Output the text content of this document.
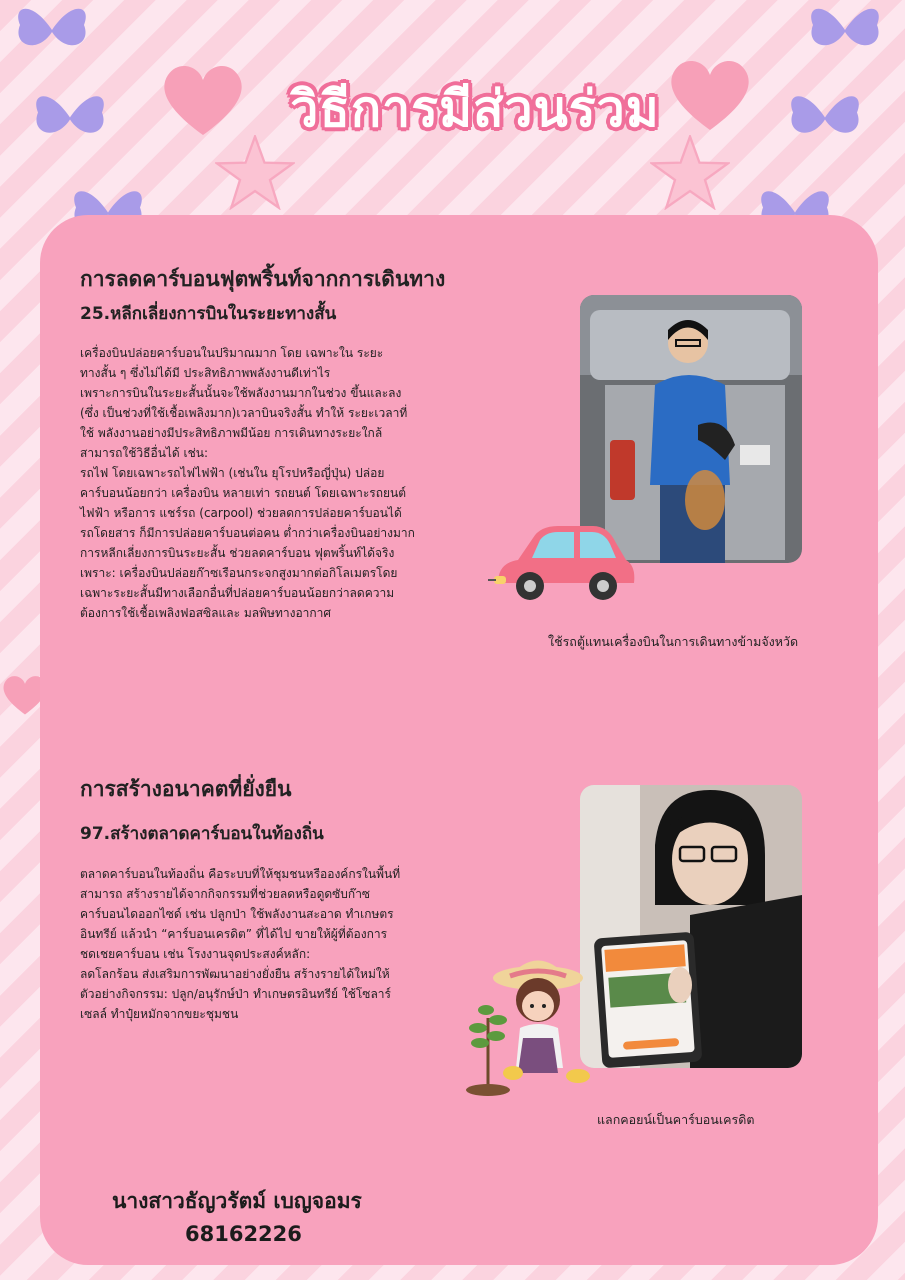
วิธีการมีส่วนร่วม
การลดคาร์บอนฟุตพริ้นท์จากการเดินทาง
25.หลีกเลี่ยงการบินในระยะทางสั้น

เครื่องบินปล่อยคาร์บอนในปริมาณมาก โดย เฉพาะใน ระยะ

ทางสั้น ๆ ซึ่งไม่ได้มี ประสิทธิภาพพลังงานดีเท่าไร

เพราะการบินในระยะสั้นนั้นจะใช้พลังงานมากในช่วง ขึ้นและลง

(ซึ่ง เป็นช่วงที่ใช้เชื้อเพลิงมาก)เวลาบินจริงสั้น ทำให้ ระยะเวลาที่

ใช้ พลังงานอย่างมีประสิทธิภาพมีน้อย การเดินทางระยะใกล้

สามารถใช้วิธีอื่นได้ เช่น:

รถไฟ โดยเฉพาะรถไฟไฟฟ้า (เช่นใน ยุโรปหรือญี่ปุ่น) ปล่อย

คาร์บอนน้อยกว่า เครื่องบิน หลายเท่า รถยนต์ โดยเฉพาะรถยนต์

ไฟฟ้า หรือการ แชร์รถ (carpool) ช่วยลดการปล่อยคาร์บอนได้

รถโดยสาร ก็มีการปล่อยคาร์บอนต่อคน ต่ำกว่าเครื่องบินอย่างมาก

การหลีกเลี่ยงการบินระยะสั้น ช่วยลดคาร์บอน ฟุตพริ้นท์ได้จริง

เพราะ: เครื่องบินปล่อยก๊าซเรือนกระจกสูงมากต่อกิโลเมตรโดย

เฉพาะระยะสั้นมีทางเลือกอื่นที่ปล่อยคาร์บอนน้อยกว่าลดความ

ต้องการใช้เชื้อเพลิงฟอสซิลและ มลพิษทางอากาศ

ใช้รถตู้แทนเครื่องบินในการเดินทางข้ามจังหวัด
การสร้างอนาคตที่ยั่งยืน
97.สร้างตลาดคาร์บอนในท้องถิ่น

ตลาดคาร์บอนในท้องถิ่น คือระบบที่ให้ชุมชนหรือองค์กรในพื้นที่

สามารถ สร้างรายได้จากกิจกรรมที่ช่วยลดหรือดูดซับก๊าซ

คาร์บอนไดออกไซด์ เช่น ปลูกป่า ใช้พลังงานสะอาด ทำเกษตร

อินทรีย์ แล้วนำ “คาร์บอนเครดิต” ที่ได้ไป ขายให้ผู้ที่ต้องการ

ชดเชยคาร์บอน เช่น โรงงานจุดประสงค์หลัก:

ลดโลกร้อน ส่งเสริมการพัฒนาอย่างยั่งยืน สร้างรายได้ใหม่ให้

ตัวอย่างกิจกรรม: ปลูก/อนุรักษ์ป่า ทำเกษตรอินทรีย์ ใช้โซลาร์

เซลล์ ทำปุ๋ยหมักจากขยะชุมชน

แลกคอยน์เป็นคาร์บอนเครดิต
นางสาวธัญวรัตม์ เบญจอมร
68162226
